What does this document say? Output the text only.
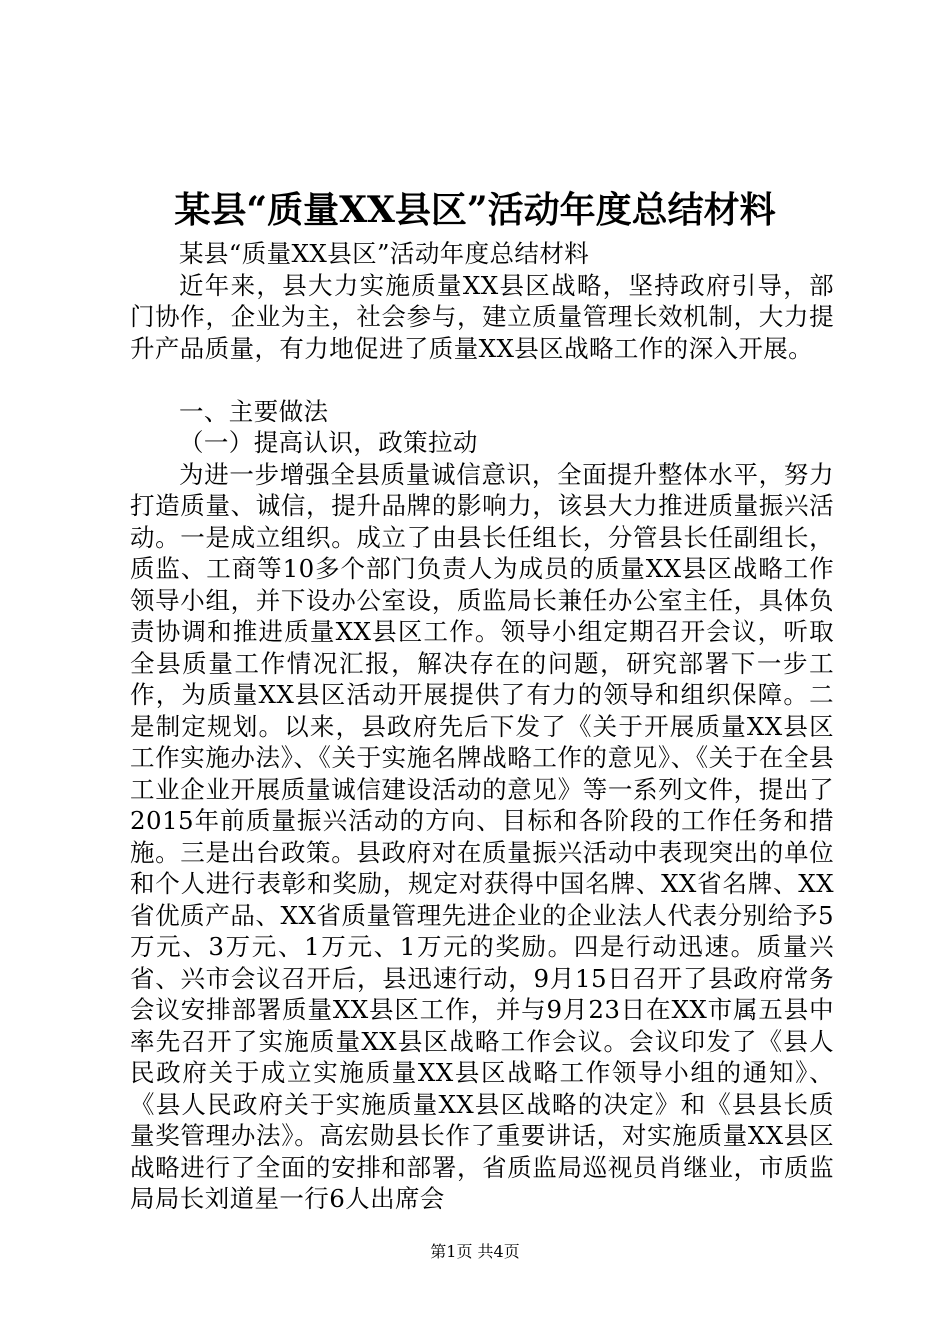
某县“质量XX县区”活动年度总结材料

某县“质量XX县区”活动年度总结材料

近年来，县大力实施质量XX县区战略，坚持政府引导，部门协作，企业为主，社会参与，建立质量管理长效机制，大力提升产品质量，有力地促进了质量XX县区战略工作的深入开展。

一、主要做法

（一）提高认识，政策拉动

为进一步增强全县质量诚信意识，全面提升整体水平，努力打造质量、诚信，提升品牌的影响力，该县大力推进质量振兴活动。一是成立组织。成立了由县长任组长，分管县长任副组长，质监、工商等10多个部门负责人为成员的质量XX县区战略工作领导小组，并下设办公室设，质监局长兼任办公室主任，具体负责协调和推进质量XX县区工作。领导小组定期召开会议，听取全县质量工作情况汇报，解决存在的问题，研究部署下一步工作，为质量XX县区活动开展提供了有力的领导和组织保障。二是制定规划。以来，县政府先后下发了《关于开展质量XX县区工作实施办法》、《关于实施名牌战略工作的意见》、《关于在全县工业企业开展质量诚信建设活动的意见》等一系列文件，提出了2015年前质量振兴活动的方向、目标和各阶段的工作任务和措施。三是出台政策。县政府对在质量振兴活动中表现突出的单位和个人进行表彰和奖励，规定对获得中国名牌、XX省名牌、XX省优质产品、XX省质量管理先进企业的企业法人代表分别给予5万元、3万元、1万元、1万元的奖励。四是行动迅速。质量兴省、兴市会议召开后，县迅速行动，9月15日召开了县政府常务会议安排部署质量XX县区工作，并与9月23日在XX市属五县中率先召开了实施质量XX县区战略工作会议。会议印发了《县人民政府关于成立实施质量XX县区战略工作领导小组的通知》、《县人民政府关于实施质量XX县区战略的决定》和《县县长质量奖管理办法》。高宏勋县长作了重要讲话，对实施质量XX县区战略进行了全面的安排和部署，省质监局巡视员肖继业，市质监局局长刘道星一行6人出席会

第1页 共4页
